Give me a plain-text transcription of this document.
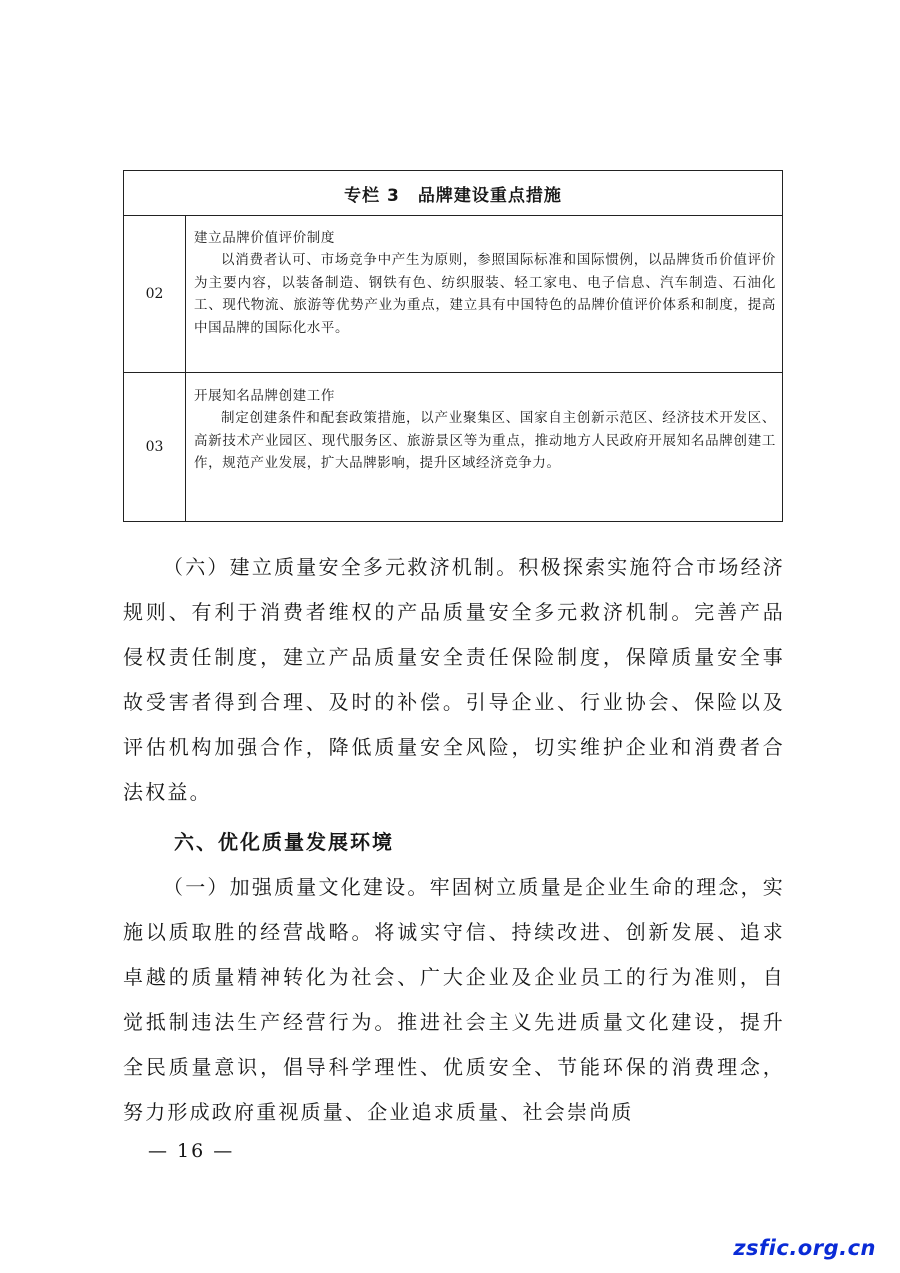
专栏 3　品牌建设重点措施
02
建立品牌价值评价制度
以消费者认可、市场竞争中产生为原则，参照国际标准和国际惯例，以品牌货币价值评价为主要内容，以装备制造、钢铁有色、纺织服装、轻工家电、电子信息、汽车制造、石油化工、现代物流、旅游等优势产业为重点，建立具有中国特色的品牌价值评价体系和制度，提高中国品牌的国际化水平。
03
开展知名品牌创建工作
制定创建条件和配套政策措施，以产业聚集区、国家自主创新示范区、经济技术开发区、高新技术产业园区、现代服务区、旅游景区等为重点，推动地方人民政府开展知名品牌创建工作，规范产业发展，扩大品牌影响，提升区域经济竞争力。

（六）建立质量安全多元救济机制。积极探索实施符合市场经济规则、有利于消费者维权的产品质量安全多元救济机制。完善产品侵权责任制度，建立产品质量安全责任保险制度，保障质量安全事故受害者得到合理、及时的补偿。引导企业、行业协会、保险以及评估机构加强合作，降低质量安全风险，切实维护企业和消费者合法权益。

六、优化质量发展环境

（一）加强质量文化建设。牢固树立质量是企业生命的理念，实施以质取胜的经营战略。将诚实守信、持续改进、创新发展、追求卓越的质量精神转化为社会、广大企业及企业员工的行为准则，自觉抵制违法生产经营行为。推进社会主义先进质量文化建设，提升全民质量意识，倡导科学理性、优质安全、节能环保的消费理念，努力形成政府重视质量、企业追求质量、社会崇尚质

— 16 —
zsfic.org.cn
